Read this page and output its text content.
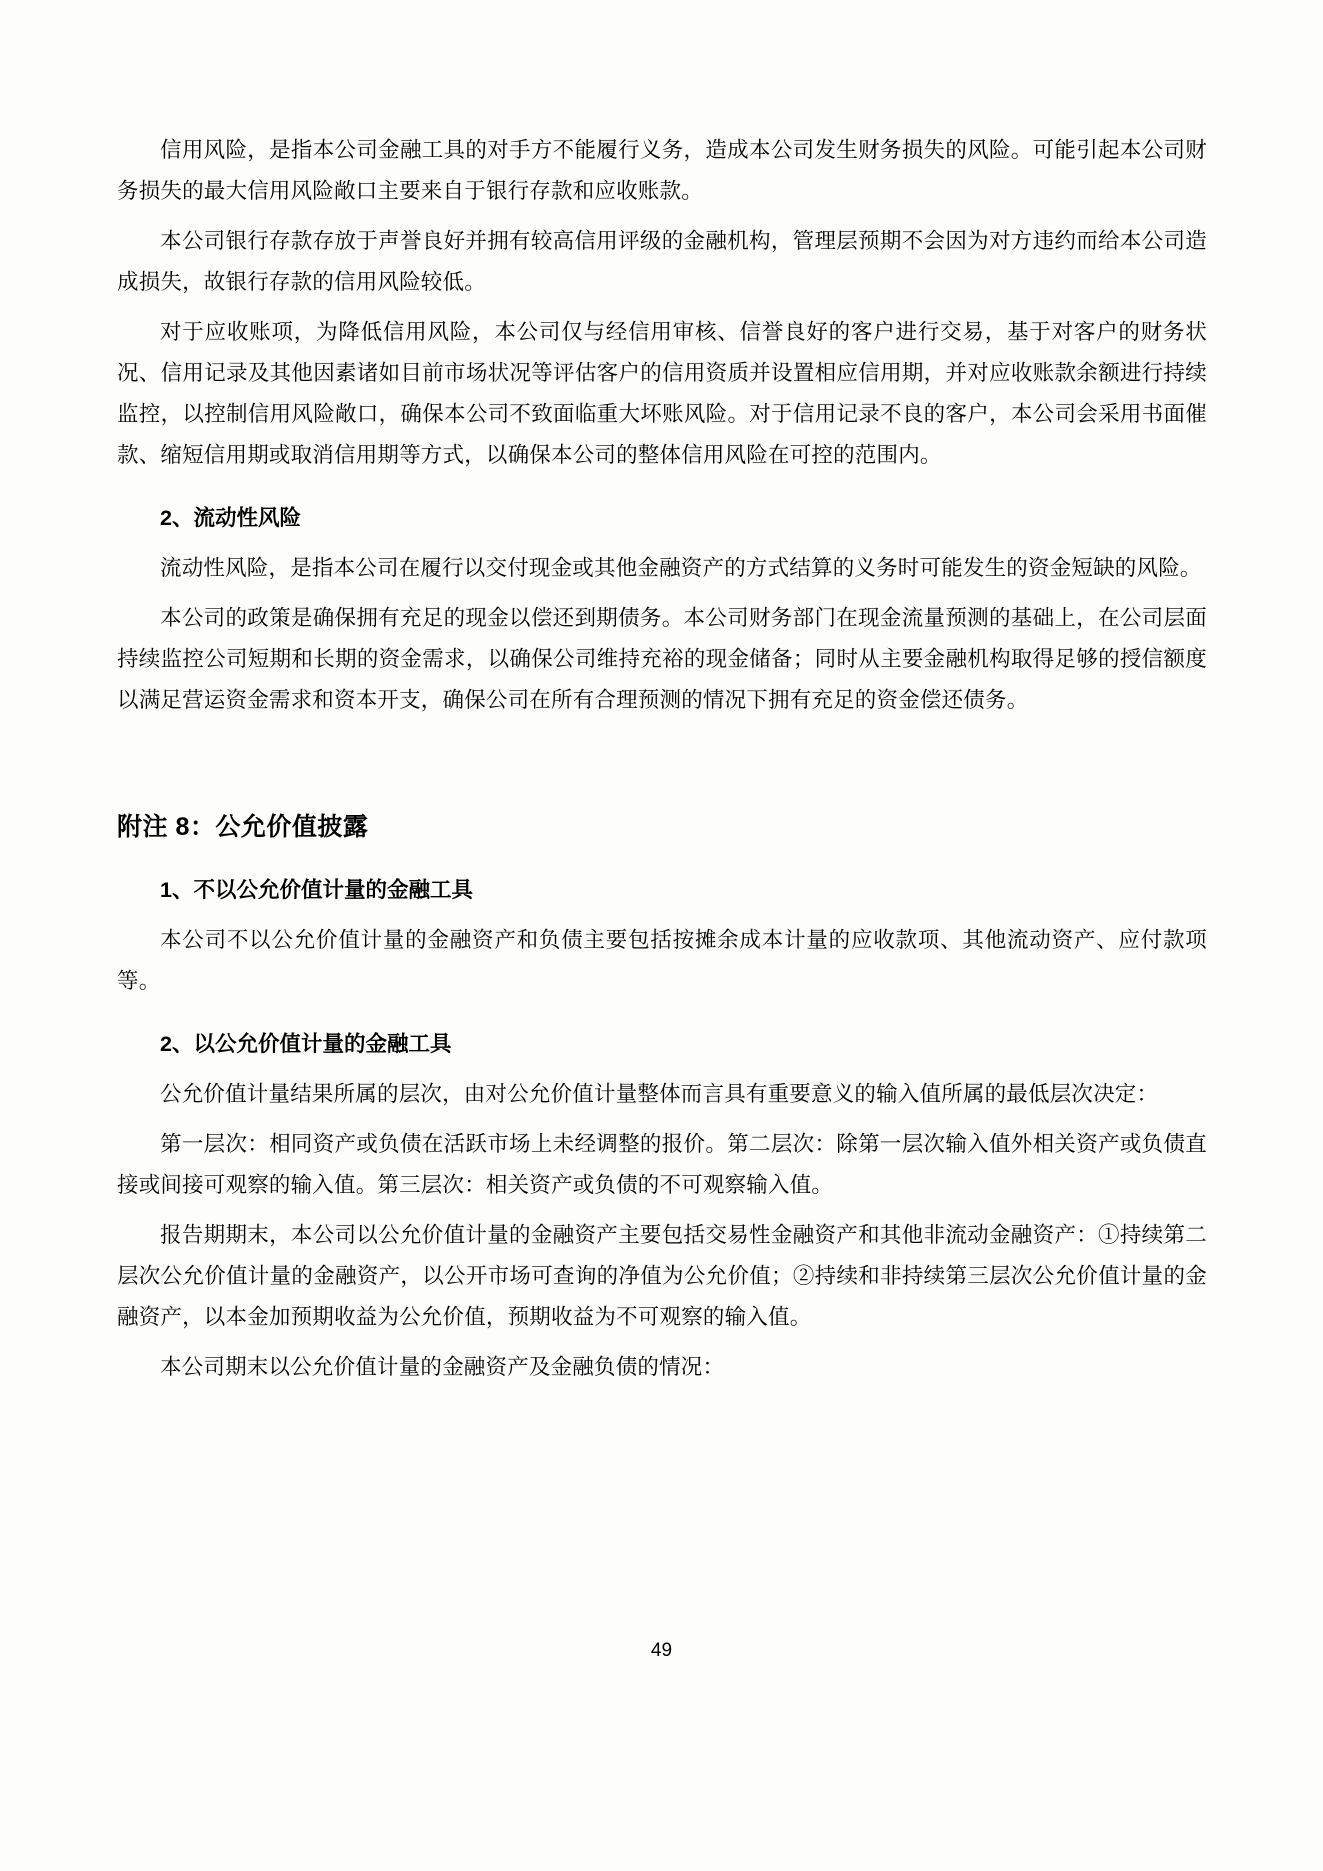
信用风险，是指本公司金融工具的对手方不能履行义务，造成本公司发生财务损失的风险。可能引起本公司财务损失的最大信用风险敞口主要来自于银行存款和应收账款。

本公司银行存款存放于声誉良好并拥有较高信用评级的金融机构，管理层预期不会因为对方违约而给本公司造成损失，故银行存款的信用风险较低。

对于应收账项，为降低信用风险，本公司仅与经信用审核、信誉良好的客户进行交易，基于对客户的财务状况、信用记录及其他因素诸如目前市场状况等评估客户的信用资质并设置相应信用期，并对应收账款余额进行持续监控，以控制信用风险敞口，确保本公司不致面临重大坏账风险。对于信用记录不良的客户，本公司会采用书面催款、缩短信用期或取消信用期等方式，以确保本公司的整体信用风险在可控的范围内。

2、流动性风险

流动性风险，是指本公司在履行以交付现金或其他金融资产的方式结算的义务时可能发生的资金短缺的风险。

本公司的政策是确保拥有充足的现金以偿还到期债务。本公司财务部门在现金流量预测的基础上，在公司层面持续监控公司短期和长期的资金需求，以确保公司维持充裕的现金储备；同时从主要金融机构取得足够的授信额度以满足营运资金需求和资本开支，确保公司在所有合理预测的情况下拥有充足的资金偿还债务。

附注 8：公允价值披露
1、不以公允价值计量的金融工具

本公司不以公允价值计量的金融资产和负债主要包括按摊余成本计量的应收款项、其他流动资产、应付款项等。

2、以公允价值计量的金融工具

公允价值计量结果所属的层次，由对公允价值计量整体而言具有重要意义的输入值所属的最低层次决定：

第一层次：相同资产或负债在活跃市场上未经调整的报价。第二层次：除第一层次输入值外相关资产或负债直接或间接可观察的输入值。第三层次：相关资产或负债的不可观察输入值。

报告期期末，本公司以公允价值计量的金融资产主要包括交易性金融资产和其他非流动金融资产：①持续第二层次公允价值计量的金融资产，以公开市场可查询的净值为公允价值；②持续和非持续第三层次公允价值计量的金融资产，以本金加预期收益为公允价值，预期收益为不可观察的输入值。

本公司期末以公允价值计量的金融资产及金融负债的情况：

49
